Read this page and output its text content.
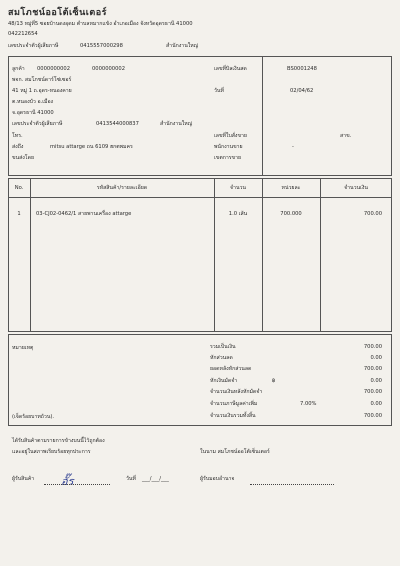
สมโภชน์ออโต้เซ็นเตอร์
48/13 หมู่ที่5 ซอยบ้านดงอุดม ตำบลหมากแข้ง อำเภอเมือง จังหวัดอุดรธานี 41000
042212654
เลขประจำตัวผู้เสียภาษี	0415557000298	สำนักงานใหญ่
ลูกค้า 0000000002	0000000002
พจก. สมโภชน์ดาร์โซ่เซอร์
41 หมู่ 1 ถ.อุดร-หนองคาย
ต.หนองบัว อ.เมือง
จ.อุดรธานี 41000
เลขประจำตัวผู้เสียภาษี	0413544000837	สำนักงานใหญ่
โทร.
ส่งถึง	mitsu attarge ถน 6109 ฮกตพมคร
ขนส่งโดย
เลขที่บิลเงินสด	BS0001248
วันที่	02/04/62
เลขที่ใบสั่งขาย	สาข.
พนักงานขาย	-
เขตการขาย
No.	รหัสสินค้า/รายละเอียด	จำนวน	หน่วยละ	จำนวนเงิน
1	03-CJ02-0462/1 สายพานเครื่อง attarge	1.0 เส้น	700.000	700.00
หมายเหตุ
(เจ็ดร้อยบาทถ้วน).
รวมเป็นเงิน	700.00
หักส่วนลด	0.00
ยอดหลังหักส่วนลด	700.00
หักเงินมัดจำ	฿	0.00
จำนวนเงินหลังหักมัดจำ	700.00
จำนวนภาษีมูลค่าเพิ่ม	7.00%	0.00
จำนวนเงินรวมทั้งสิ้น	700.00
ได้รับสินค้าตามรายการข้างบนนี้ไว้ถูกต้อง
และอยู่ในสภาพเรียบร้อยทุกประการ	ในนาม สมโภชน์ออโต้เซ็นเตอร์
ผู้รับสินค้า อั๊ร	วันที่ ___/___/___	ผู้รับมอบอำนาจ
